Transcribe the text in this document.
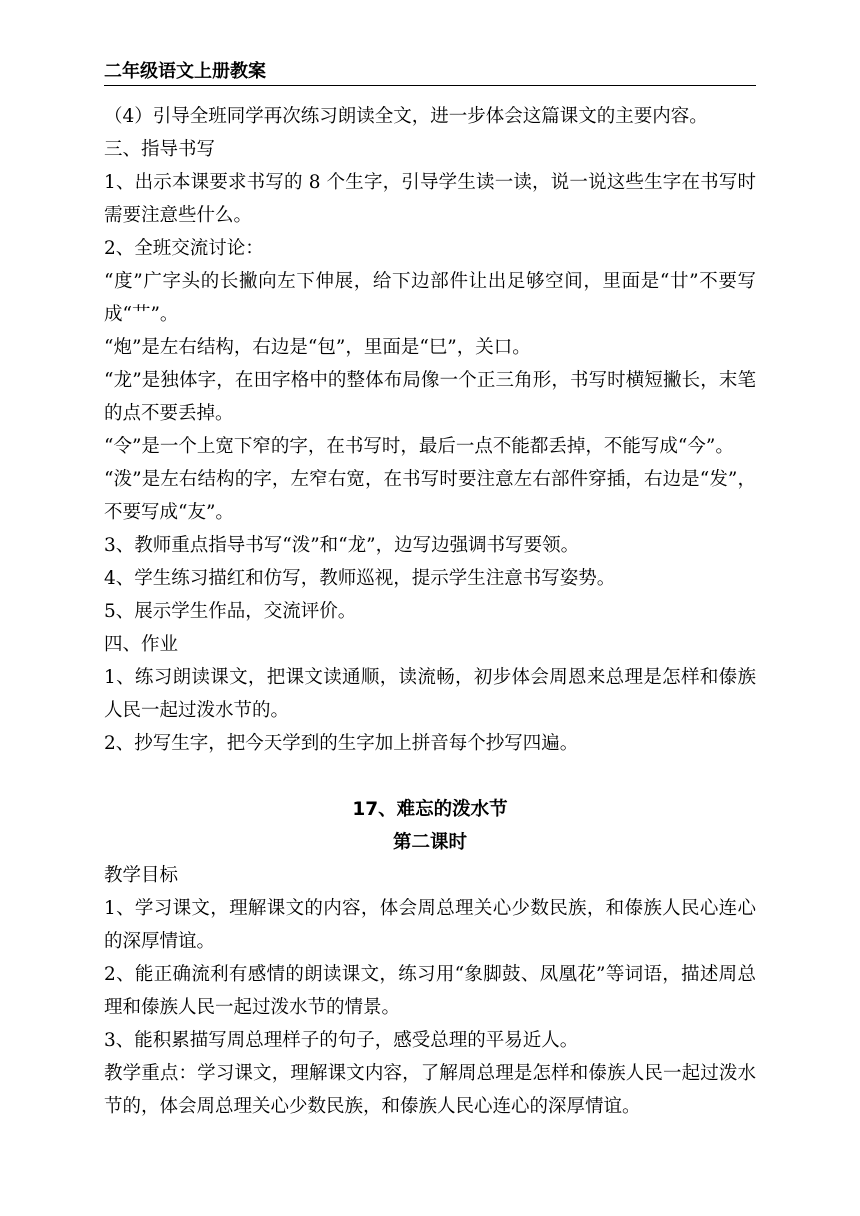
二年级语文上册教案

（4）引导全班同学再次练习朗读全文，进一步体会这篇课文的主要内容。

三、指导书写

1、出示本课要求书写的 8 个生字，引导学生读一读，说一说这些生字在书写时需要注意些什么。

2、全班交流讨论：

“度”广字头的长撇向左下伸展，给下边部件让出足够空间，里面是“廿”不要写成“艹”。

“炮”是左右结构，右边是“包”，里面是“巳”，关口。

“龙”是独体字，在田字格中的整体布局像一个正三角形，书写时横短撇长，末笔的点不要丢掉。

“令”是一个上宽下窄的字，在书写时，最后一点不能都丢掉，不能写成“今”。

“泼”是左右结构的字，左窄右宽，在书写时要注意左右部件穿插，右边是“发”，不要写成“友”。

3、教师重点指导书写“泼”和“龙”，边写边强调书写要领。

4、学生练习描红和仿写，教师巡视，提示学生注意书写姿势。

5、展示学生作品，交流评价。

四、作业

1、练习朗读课文，把课文读通顺，读流畅，初步体会周恩来总理是怎样和傣族人民一起过泼水节的。

2、抄写生字，把今天学到的生字加上拼音每个抄写四遍。

17、难忘的泼水节

第二课时

教学目标

1、学习课文，理解课文的内容，体会周总理关心少数民族，和傣族人民心连心的深厚情谊。

2、能正确流利有感情的朗读课文，练习用“象脚鼓、凤凰花”等词语，描述周总理和傣族人民一起过泼水节的情景。

3、能积累描写周总理样子的句子，感受总理的平易近人。

教学重点：学习课文，理解课文内容，了解周总理是怎样和傣族人民一起过泼水节的，体会周总理关心少数民族，和傣族人民心连心的深厚情谊。
